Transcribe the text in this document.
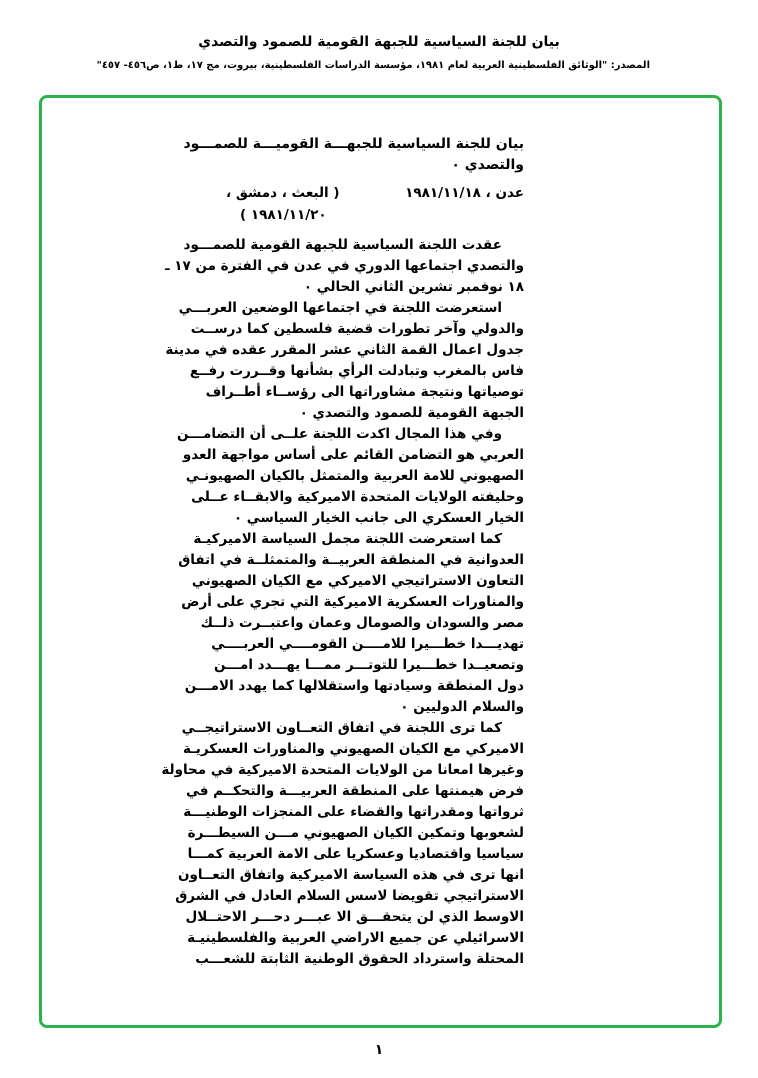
بيان للجنة السياسية للجبهة القومية للصمود والتصدي
المصدر: "الوثائق الفلسطينية العربية لعام ١٩٨١، مؤسسة الدراسات الفلسطينية، بيروت، مج ١٧، ط١، ص٤٥٦- ٤٥٧"
بيان للجنة السياسية للجبهـــة القوميـــة للصمـــود
والتصدي ٠
عدن ، ١٩٨١/١١/١٨
( البعث ، دمشق ،
١٩٨١/١١/٢٠ )
عقدت اللجنة السياسية للجبهة القومية للصمـــود
والتصدي اجتماعها الدوري في عدن في الفترة من ١٧ ـ
١٨ نوفمبر تشرين الثاني الحالي ٠
استعرضت اللجنة في اجتماعها الوضعين العربـــي
والدولي وآخر تطورات قضية فلسطين كما درســت
جدول اعمال القمة الثاني عشر المقرر عقده في مدينة
فاس بالمغرب وتبادلت الرأي بشأنها وقــررت رفــع
توصياتها ونتيجة مشاوراتها الى رؤســاء أطــراف
الجبهة القومية للصمود والتصدي ٠
وفي هذا المجال اكدت اللجنة علــى أن التضامـــن
العربي هو التضامن القائم على أساس مواجهة العدو
الصهيوني للامة العربية والمتمثل بالكيان الصهيونـي
وحليفته الولايات المتحدة الاميركية والابقــاء عــلى
الخيار العسكري الى جانب الخيار السياسي ٠
كما استعرضت اللجنة مجمل السياسة الاميركيـة
العدوانية في المنطقة العربيــة والمتمثلــة في اتفاق
التعاون الاستراتيجي الاميركي مع الكيان الصهيوني
والمناورات العسكرية الاميركية التي تجري على أرض
مصر والسودان والصومال وعمان واعتبــرت ذلــك
تهديـــدا خطـــيرا للامــــن القومــــي العربــــي
وتصعيــدا خطـــيرا للتوتـــر ممـــا يهـــدد امـــن
دول المنطقة وسيادتها واستقلالها كما يهدد الامـــن
والسلام الدوليين ٠
كما ترى اللجنة في اتفاق التعــاون الاستراتيجــي
الاميركي مع الكيان الصهيوني والمناورات العسكريـة
وغيرها امعانا من الولايات المتحدة الاميركية في محاولة
فرض هيمنتها على المنطقة العربيـــة والتحكــم في
ثرواتها ومقدراتها والقضاء على المنجزات الوطنيـــة
لشعوبها وتمكين الكيان الصهيوني مـــن السيطـــرة
سياسيا واقتصاديا وعسكريا على الامة العربية كمـــا
انها ترى في هذه السياسة الاميركية واتفاق التعــاون
الاستراتيجي تقويضا لاسس السلام العادل في الشرق
الاوسط الذي لن يتحقـــق الا عبـــر دحـــر الاحتــلال
الاسرائيلي عن جميع الاراضي العربية والفلسطينيـة
المحتلة واسترداد الحقوق الوطنية الثابتة للشعـــب
١
